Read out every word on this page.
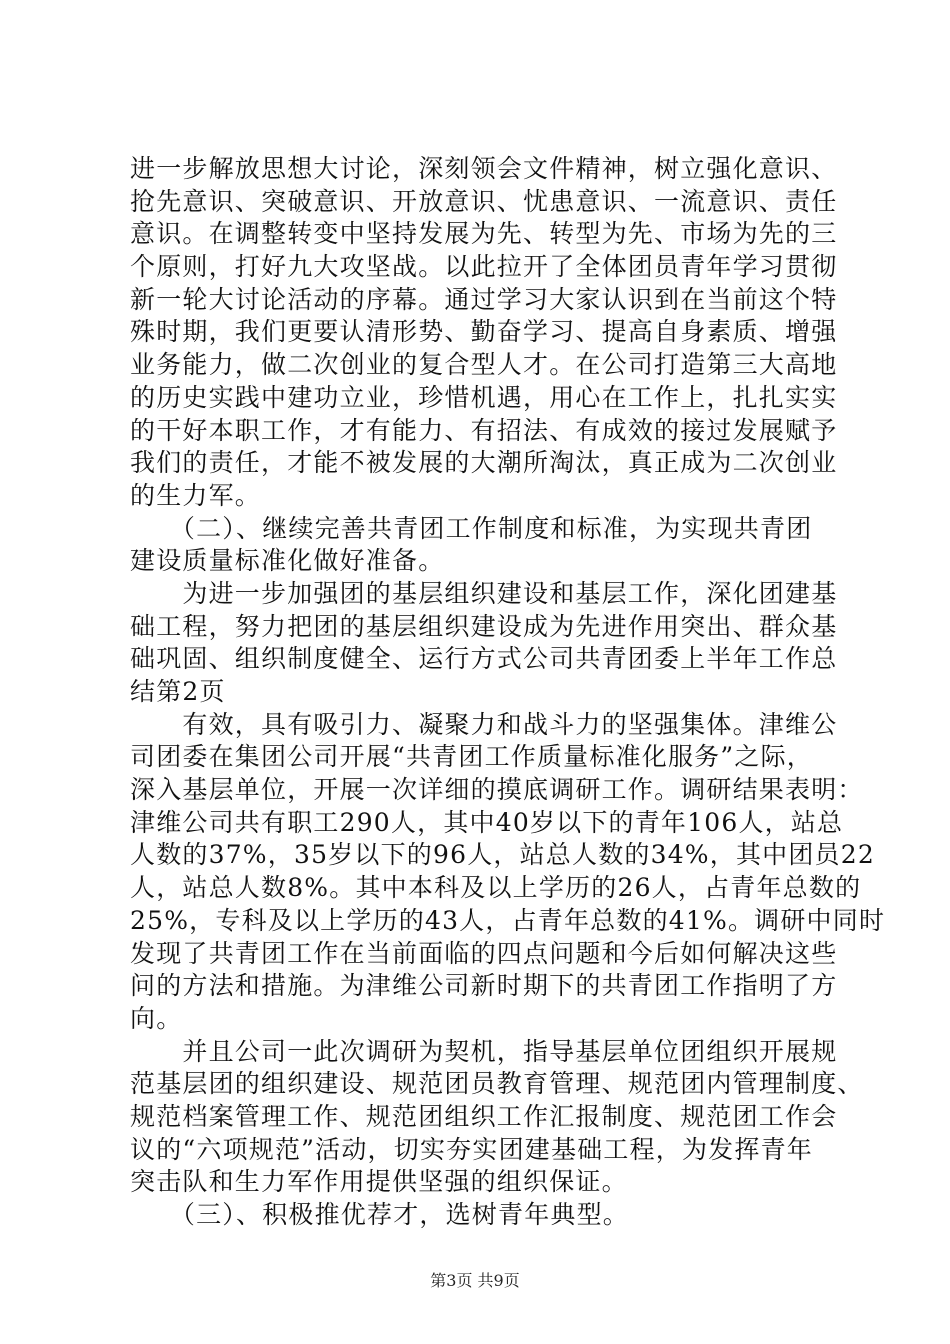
进一步解放思想大讨论，深刻领会文件精神，树立强化意识、
抢先意识、突破意识、开放意识、忧患意识、一流意识、责任
意识。在调整转变中坚持发展为先、转型为先、市场为先的三
个原则，打好九大攻坚战。以此拉开了全体团员青年学习贯彻
新一轮大讨论活动的序幕。通过学习大家认识到在当前这个特
殊时期，我们更要认清形势、勤奋学习、提高自身素质、增强
业务能力，做二次创业的复合型人才。在公司打造第三大高地
的历史实践中建功立业，珍惜机遇，用心在工作上，扎扎实实
的干好本职工作，才有能力、有招法、有成效的接过发展赋予
我们的责任，才能不被发展的大潮所淘汰，真正成为二次创业
的生力军。
　　（二）、继续完善共青团工作制度和标准，为实现共青团
建设质量标准化做好准备。
　　为进一步加强团的基层组织建设和基层工作，深化团建基
础工程，努力把团的基层组织建设成为先进作用突出、群众基
础巩固、组织制度健全、运行方式公司共青团委上半年工作总
结第2页
　　有效，具有吸引力、凝聚力和战斗力的坚强集体。津维公
司团委在集团公司开展“共青团工作质量标准化服务”之际，
深入基层单位，开展一次详细的摸底调研工作。调研结果表明：
津维公司共有职工290人，其中40岁以下的青年106人，站总
人数的37%，35岁以下的96人，站总人数的34%，其中团员22
人，站总人数8%。其中本科及以上学历的26人，占青年总数的
25%，专科及以上学历的43人，占青年总数的41%。调研中同时
发现了共青团工作在当前面临的四点问题和今后如何解决这些
问的方法和措施。为津维公司新时期下的共青团工作指明了方
向。
　　并且公司一此次调研为契机，指导基层单位团组织开展规
范基层团的组织建设、规范团员教育管理、规范团内管理制度、
规范档案管理工作、规范团组织工作汇报制度、规范团工作会
议的“六项规范”活动，切实夯实团建基础工程，为发挥青年
突击队和生力军作用提供坚强的组织保证。
　　（三）、积极推优荐才，选树青年典型。
第3页 共9页
